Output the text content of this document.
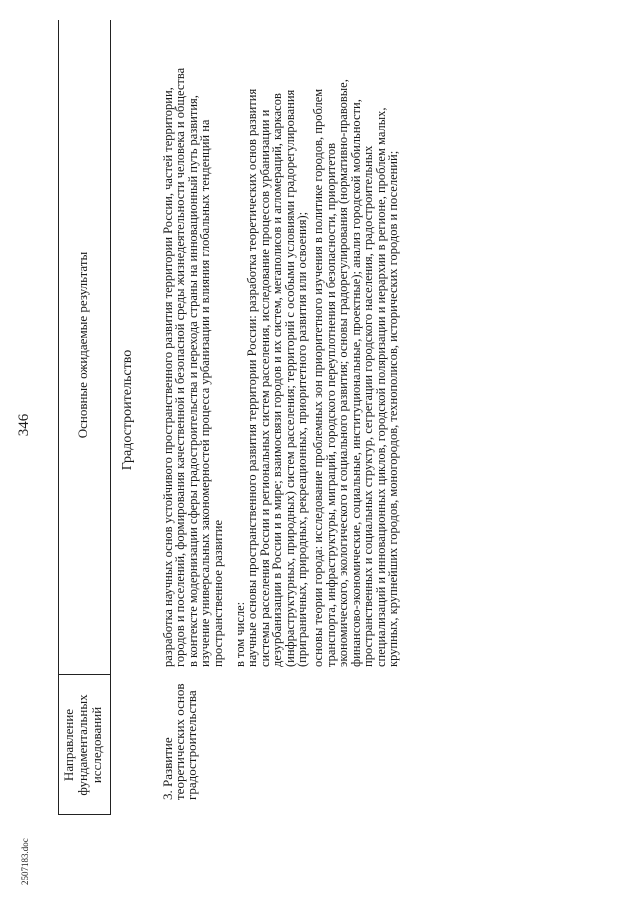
346
Направление фундаментальных исследований
Основные ожидаемые результаты Градостроительство
3. Развитие теоретических основ градостроительства

разработка научных основ устойчивого пространственного развития территории России, частей территории, городов и поселений, формирования качественной и безопасной среды жизнедеятельности человека и общества в контексте модернизации сферы градостроительства и перехода страны на инновационный путь развития, изучение универсальных закономерностей процесса урбанизации и влияния глобальных тенденций на пространственное развитие в том числе:

научные основы пространственного развития территории России: разработка теоретических основ развития системы расселения России и региональных систем расселения, исследование процессов урбанизации и дезурбанизации в России и в мире; взаимосвязи городов и их систем, мегаполисов и агломераций, каркасов (инфраструктурных, природных) систем расселения; территорий с особыми условиями градорегулирования (приграничных, природных, рекреационных, приоритетного развития или освоения); основы теории города: исследование проблемных зон приоритетного изучения в политике городов, проблем транспорта, инфраструктуры, миграций, городского переуплотнения и безопасности, приоритетов экономического, экологического и социального развития; основы градорегулирования (нормативно-правовые, финансово-экономические, социальные, институциональные, проектные); анализ городской мобильности, пространственных и социальных структур, сегрегации городского населения, градостроительных специализаций и инновационных циклов, городской поляризации и иерархии в регионе, проблем малых, крупных, крупнейших городов, моногородов, технополисов, исторических городов и поселений;

2507183.doc
